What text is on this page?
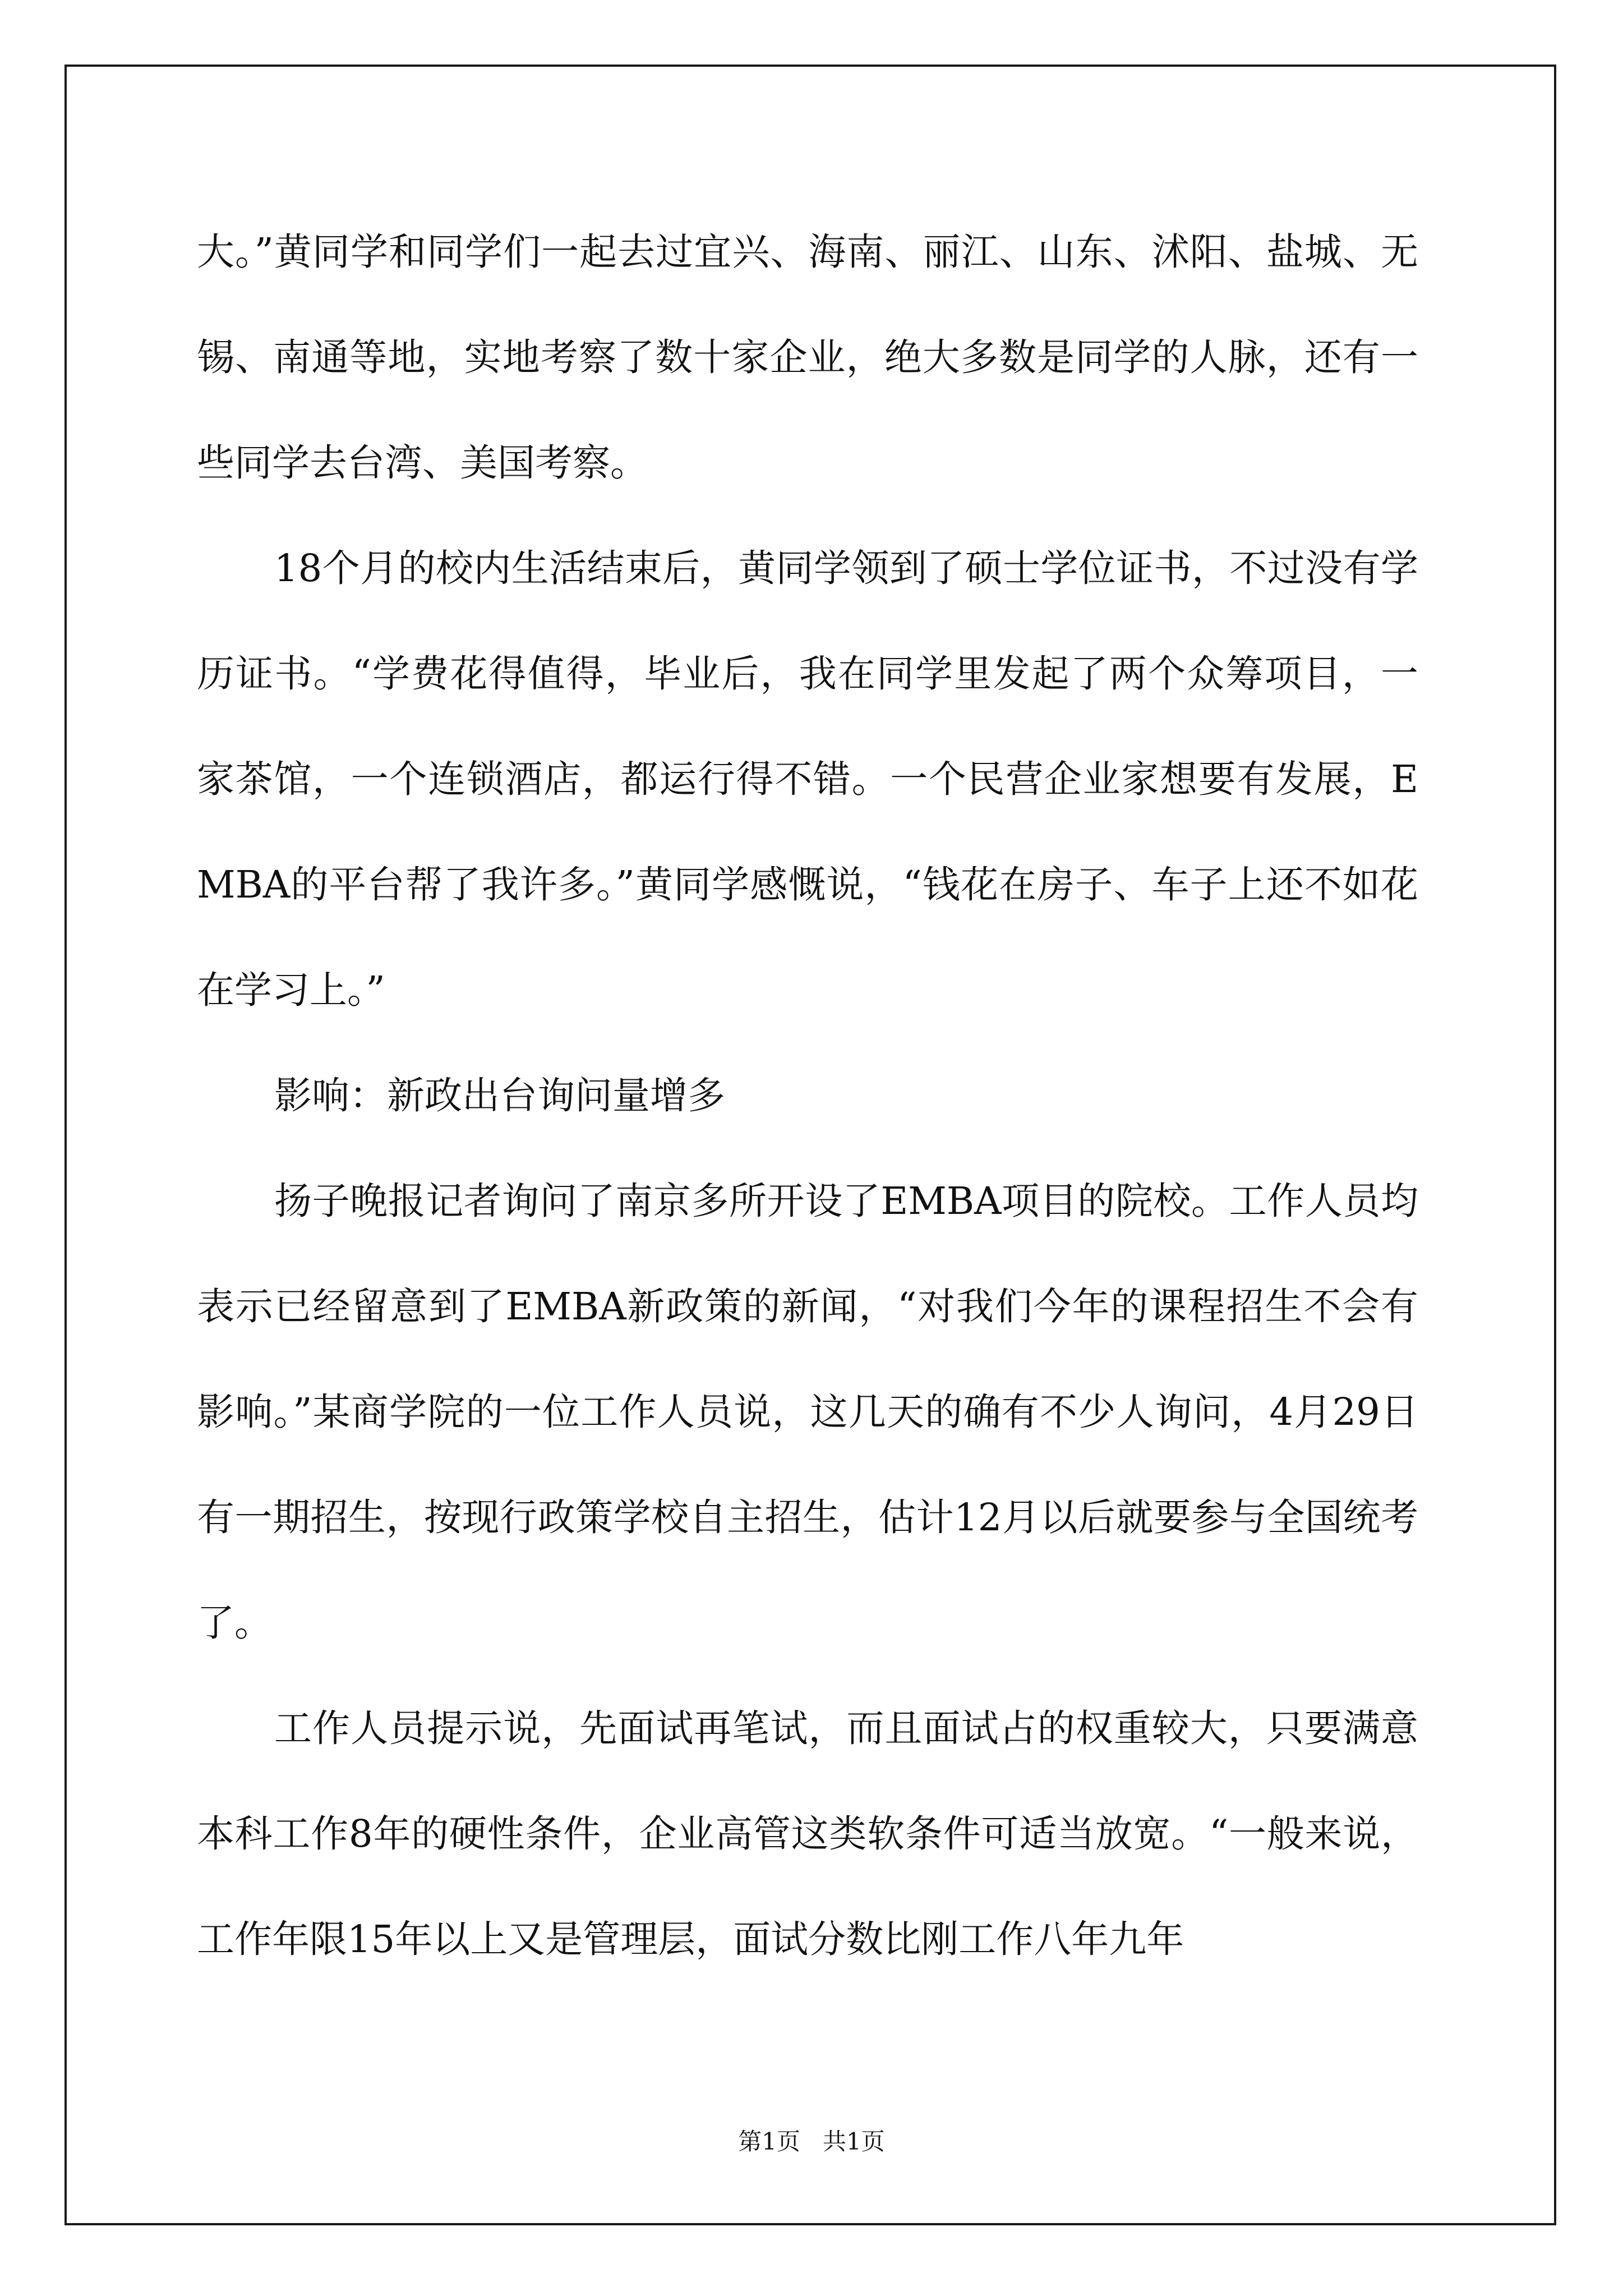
大。”黄同学和同学们一起去过宜兴、海南、丽江、山东、沭阳、盐城、无锡、南通等地，实地考察了数十家企业，绝大多数是同学的人脉，还有一些同学去台湾、美国考察。

18个月的校内生活结束后，黄同学领到了硕士学位证书，不过没有学历证书。“学费花得值得，毕业后，我在同学里发起了两个众筹项目，一家茶馆，一个连锁酒店，都运行得不错。一个民营企业家想要有发展，EMBA的平台帮了我许多。”黄同学感慨说，“钱花在房子、车子上还不如花在学习上。”

影响：新政出台询问量增多

扬子晚报记者询问了南京多所开设了EMBA项目的院校。工作人员均表示已经留意到了EMBA新政策的新闻，“对我们今年的课程招生不会有影响。”某商学院的一位工作人员说，这几天的确有不少人询问，4月29日有一期招生，按现行政策学校自主招生，估计12月以后就要参与全国统考了。

工作人员提示说，先面试再笔试，而且面试占的权重较大，只要满意本科工作8年的硬性条件，企业高管这类软条件可适当放宽。“一般来说，工作年限15年以上又是管理层，面试分数比刚工作八年九年

第1页   共1页
